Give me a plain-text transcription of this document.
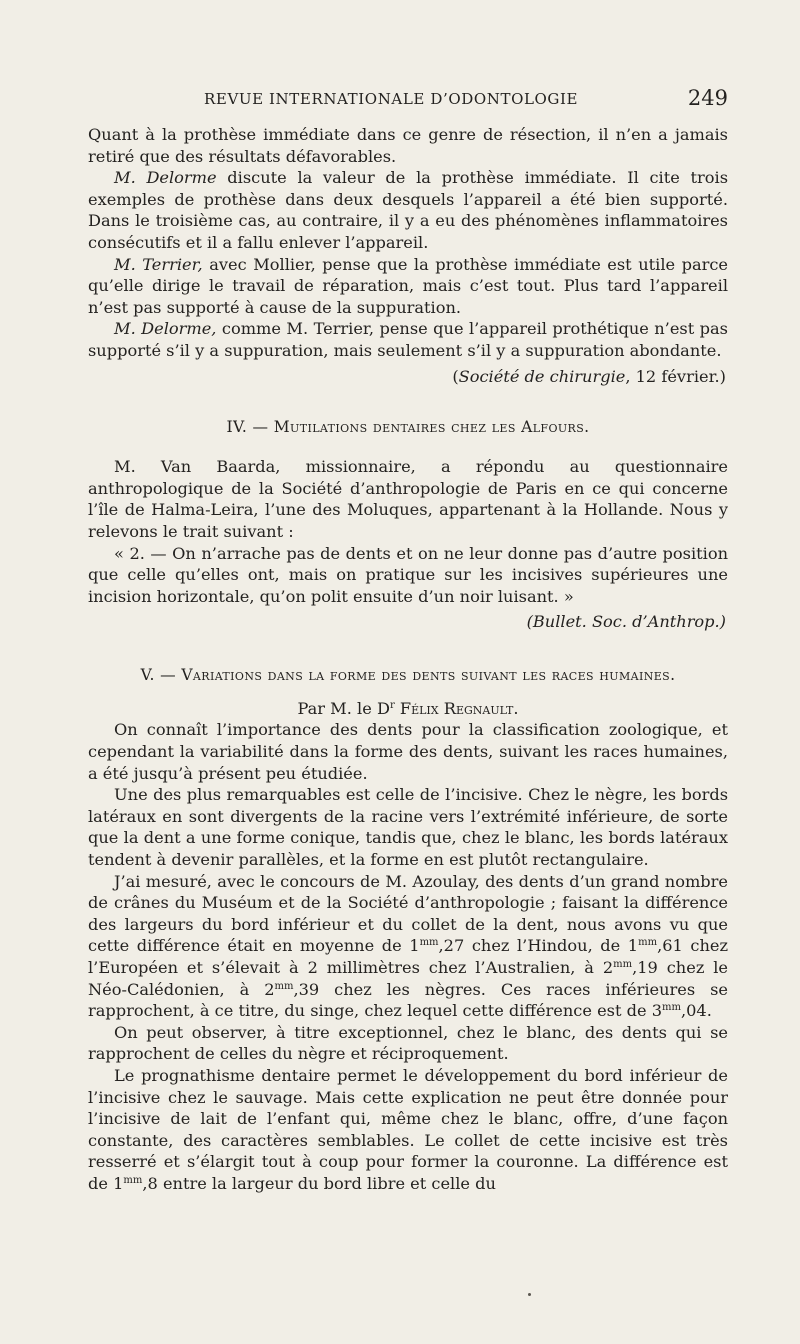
REVUE INTERNATIONALE D’ODONTOLOGIE	249

Quant à la prothèse immédiate dans ce genre de résection, il n’en a jamais retiré que des résultats défavorables.

M. Delorme discute la valeur de la prothèse immédiate. Il cite trois exemples de prothèse dans deux desquels l’appareil a été bien supporté. Dans le troisième cas, au contraire, il y a eu des phénomènes inflammatoires consécutifs et il a fallu enlever l’appareil.

M. Terrier, avec Mollier, pense que la prothèse immédiate est utile parce qu’elle dirige le travail de réparation, mais c’est tout. Plus tard l’appareil n’est pas supporté à cause de la suppuration.

M. Delorme, comme M. Terrier, pense que l’appareil prothétique n’est pas supporté s’il y a suppuration, mais seulement s’il y a suppuration abondante.

(Société de chirurgie, 12 février.)

IV. — Mutilations dentaires chez les Alfours.

M. Van Baarda, missionnaire, a répondu au questionnaire anthropologique de la Société d’anthropologie de Paris en ce qui concerne l’île de Halma-Leira, l’une des Moluques, appartenant à la Hollande. Nous y relevons le trait suivant :

« 2. — On n’arrache pas de dents et on ne leur donne pas d’autre position que celle qu’elles ont, mais on pratique sur les incisives supérieures une incision horizontale, qu’on polit ensuite d’un noir luisant. »

(Bullet. Soc. d’Anthrop.)

V. — Variations dans la forme des dents suivant les races humaines.

Par M. le $D^r$ Félix Regnault.

On connaît l’importance des dents pour la classification zoologique, et cependant la variabilité dans la forme des dents, suivant les races humaines, a été jusqu’à présent peu étudiée.

Une des plus remarquables est celle de l’incisive. Chez le nègre, les bords latéraux en sont divergents de la racine vers l’extrémité inférieure, de sorte que la dent a une forme conique, tandis que, chez le blanc, les bords latéraux tendent à devenir parallèles, et la forme en est plutôt rectangulaire.

J’ai mesuré, avec le concours de M. Azoulay, des dents d’un grand nombre de crânes du Muséum et de la Société d’anthropologie ; faisant la différence des largeurs du bord inférieur et du collet de la dent, nous avons vu que cette différence était en moyenne de $1^{mm},27$ chez l’Hindou, de $1^{mm},61$ chez l’Européen et s’élevait à 2 millimètres chez l’Australien, à $2^{mm},19$ chez le Néo-Calédonien, à $2^{mm},39$ chez les nègres. Ces races inférieures se rapprochent, à ce titre, du singe, chez lequel cette différence est de $3^{mm},04$.

On peut observer, à titre exceptionnel, chez le blanc, des dents qui se rapprochent de celles du nègre et réciproquement.

Le prognathisme dentaire permet le développement du bord inférieur de l’incisive chez le sauvage. Mais cette explication ne peut être donnée pour l’incisive de lait de l’enfant qui, même chez le blanc, offre, d’une façon constante, des caractères semblables. Le collet de cette incisive est très resserré et s’élargit tout à coup pour former la couronne. La différence est de $1^{mm},8$ entre la largeur du bord libre et celle du
